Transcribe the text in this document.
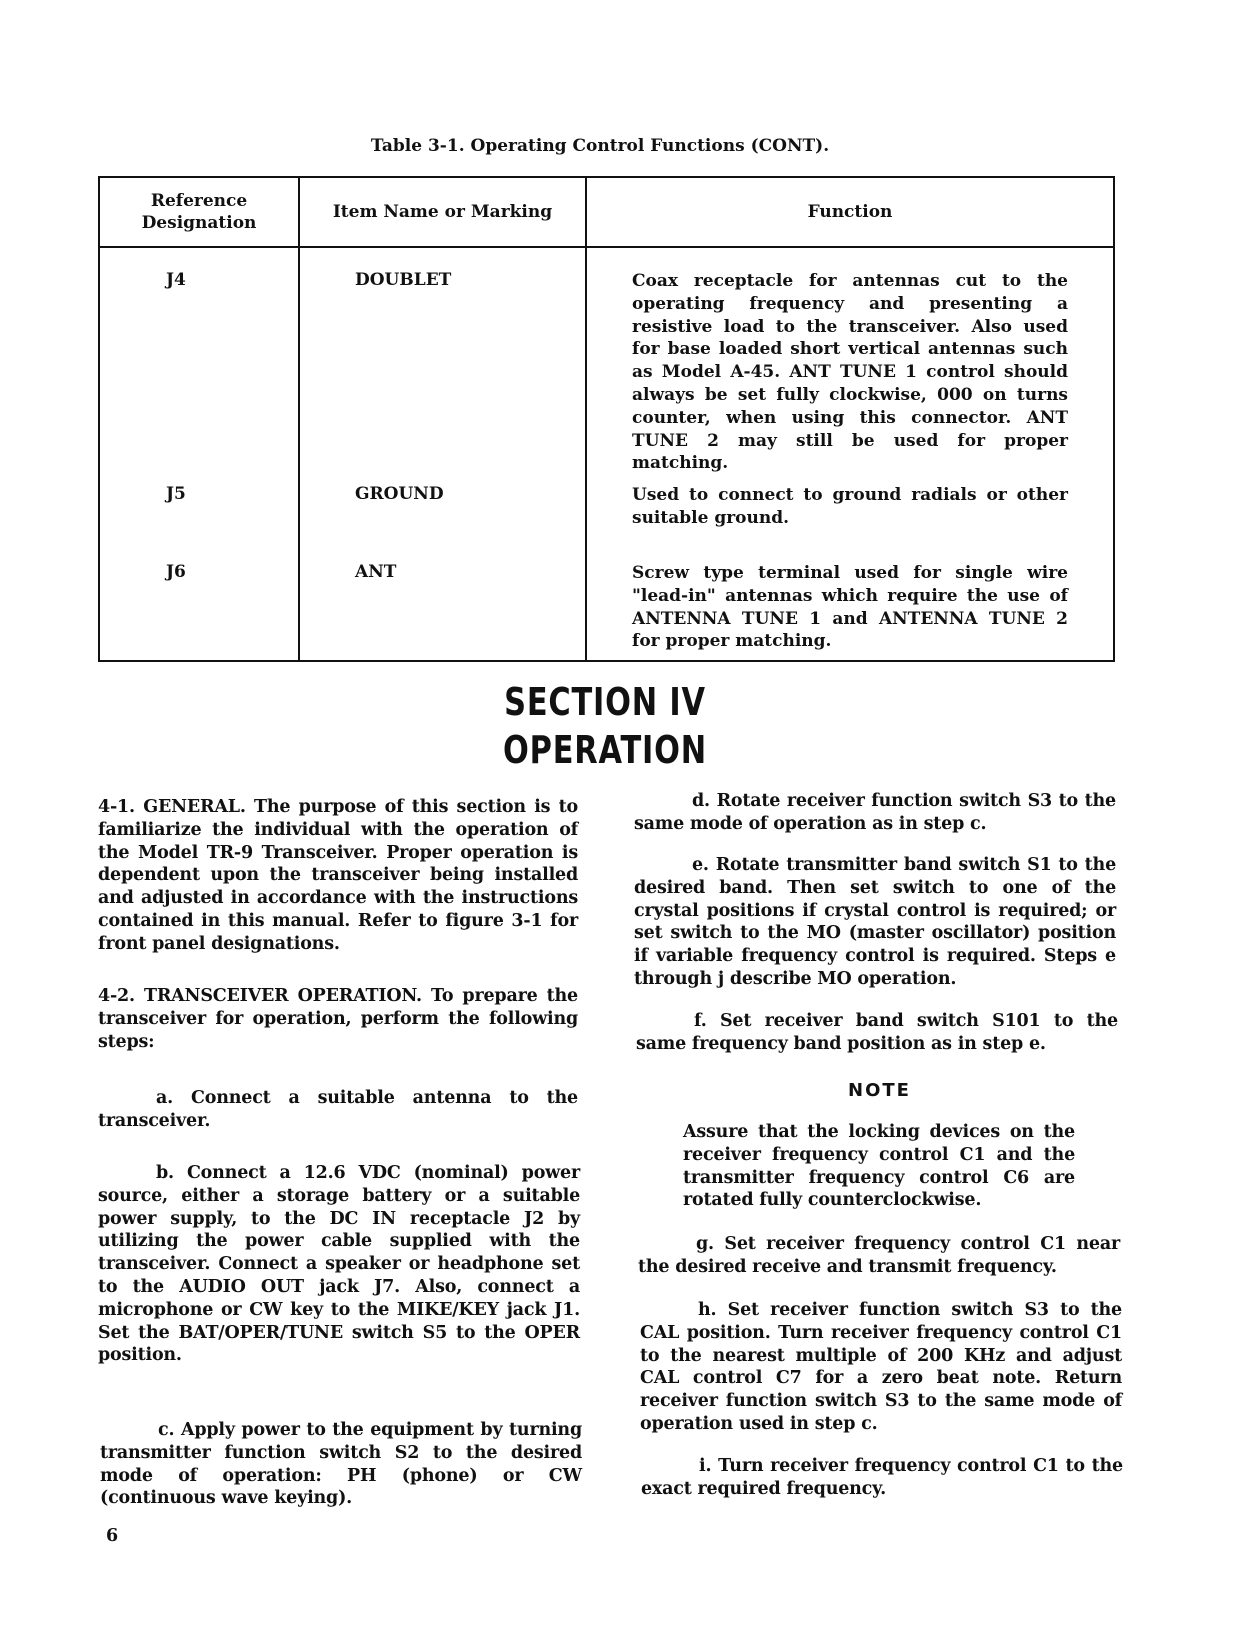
Table 3-1. Operating Control Functions (CONT).
Reference Designation	Item Name or Marking	Function
J4	DOUBLET	Coax receptacle for antennas cut to the operating frequency and presenting a resistive load to the transceiver. Also used for base loaded short vertical antennas such as Model A-45. ANT TUNE 1 control should always be set fully clockwise, 000 on turns counter, when using this connector. ANT TUNE 2 may still be used for proper matching.
J5	GROUND	Used to connect to ground radials or other suitable ground.
J6	ANT	Screw type terminal used for single wire "lead-in" antennas which require the use of ANTENNA TUNE 1 and ANTENNA TUNE 2 for proper matching.
SECTION IV
OPERATION
4-1. GENERAL. The purpose of this section is to familiarize the individual with the operation of the Model TR-9 Transceiver. Proper operation is dependent upon the transceiver being installed and adjusted in accordance with the instructions contained in this manual. Refer to figure 3-1 for front panel designations.
4-2. TRANSCEIVER OPERATION. To prepare the transceiver for operation, perform the following steps:
a. Connect a suitable antenna to the transceiver.
b. Connect a 12.6 VDC (nominal) power source, either a storage battery or a suitable power supply, to the DC IN receptacle J2 by utilizing the power cable supplied with the transceiver. Connect a speaker or headphone set to the AUDIO OUT jack J7. Also, connect a microphone or CW key to the MIKE/KEY jack J1. Set the BAT/OPER/TUNE switch S5 to the OPER position.
c. Apply power to the equipment by turning transmitter function switch S2 to the desired mode of operation: PH (phone) or CW (continuous wave keying).
6
d. Rotate receiver function switch S3 to the same mode of operation as in step c.
e. Rotate transmitter band switch S1 to the desired band. Then set switch to one of the crystal positions if crystal control is required; or set switch to the MO (master oscillator) position if variable frequency control is required. Steps e through j describe MO operation.
f. Set receiver band switch S101 to the same frequency band position as in step e.
NOTE
Assure that the locking devices on the receiver frequency control C1 and the transmitter frequency control C6 are rotated fully counterclockwise.
g. Set receiver frequency control C1 near the desired receive and transmit frequency.
h. Set receiver function switch S3 to the CAL position. Turn receiver frequency control C1 to the nearest multiple of 200 KHz and adjust CAL control C7 for a zero beat note. Return receiver function switch S3 to the same mode of operation used in step c.
i. Turn receiver frequency control C1 to the exact required frequency.
